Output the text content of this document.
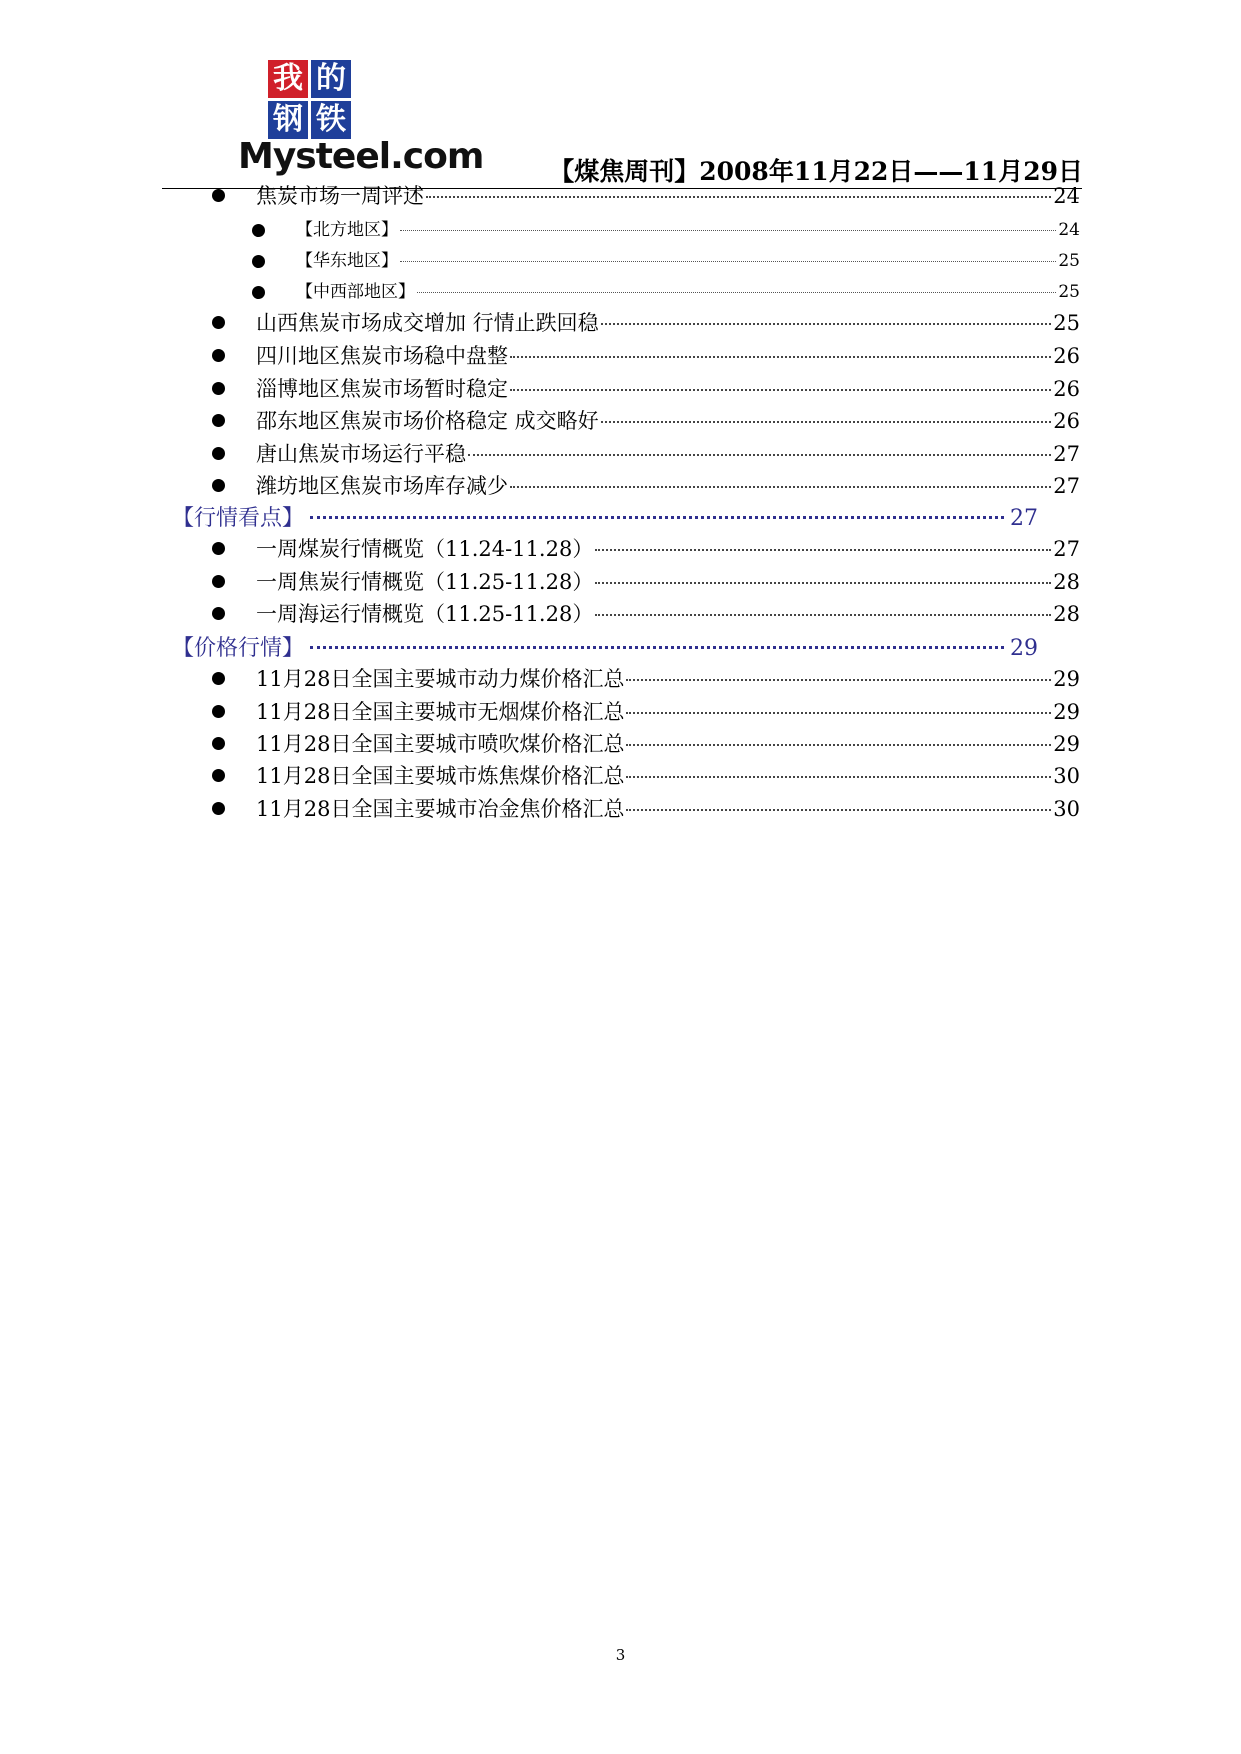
我 的
钢 铁
Mysteel.com	【煤焦周刊】2008年11月22日——11月29日
焦炭市场一周评述	24
【北方地区】	24
【华东地区】	25
【中西部地区】	25
山西焦炭市场成交增加 行情止跌回稳	25
四川地区焦炭市场稳中盘整	26
淄博地区焦炭市场暂时稳定	26
邵东地区焦炭市场价格稳定 成交略好	26
唐山焦炭市场运行平稳	27
潍坊地区焦炭市场库存减少	27
【行情看点】	27
一周煤炭行情概览（11.24-11.28）	27
一周焦炭行情概览（11.25-11.28）	28
一周海运行情概览（11.25-11.28）	28
【价格行情】	29
11月28日全国主要城市动力煤价格汇总	29
11月28日全国主要城市无烟煤价格汇总	29
11月28日全国主要城市喷吹煤价格汇总	29
11月28日全国主要城市炼焦煤价格汇总	30
11月28日全国主要城市冶金焦价格汇总	30
3
